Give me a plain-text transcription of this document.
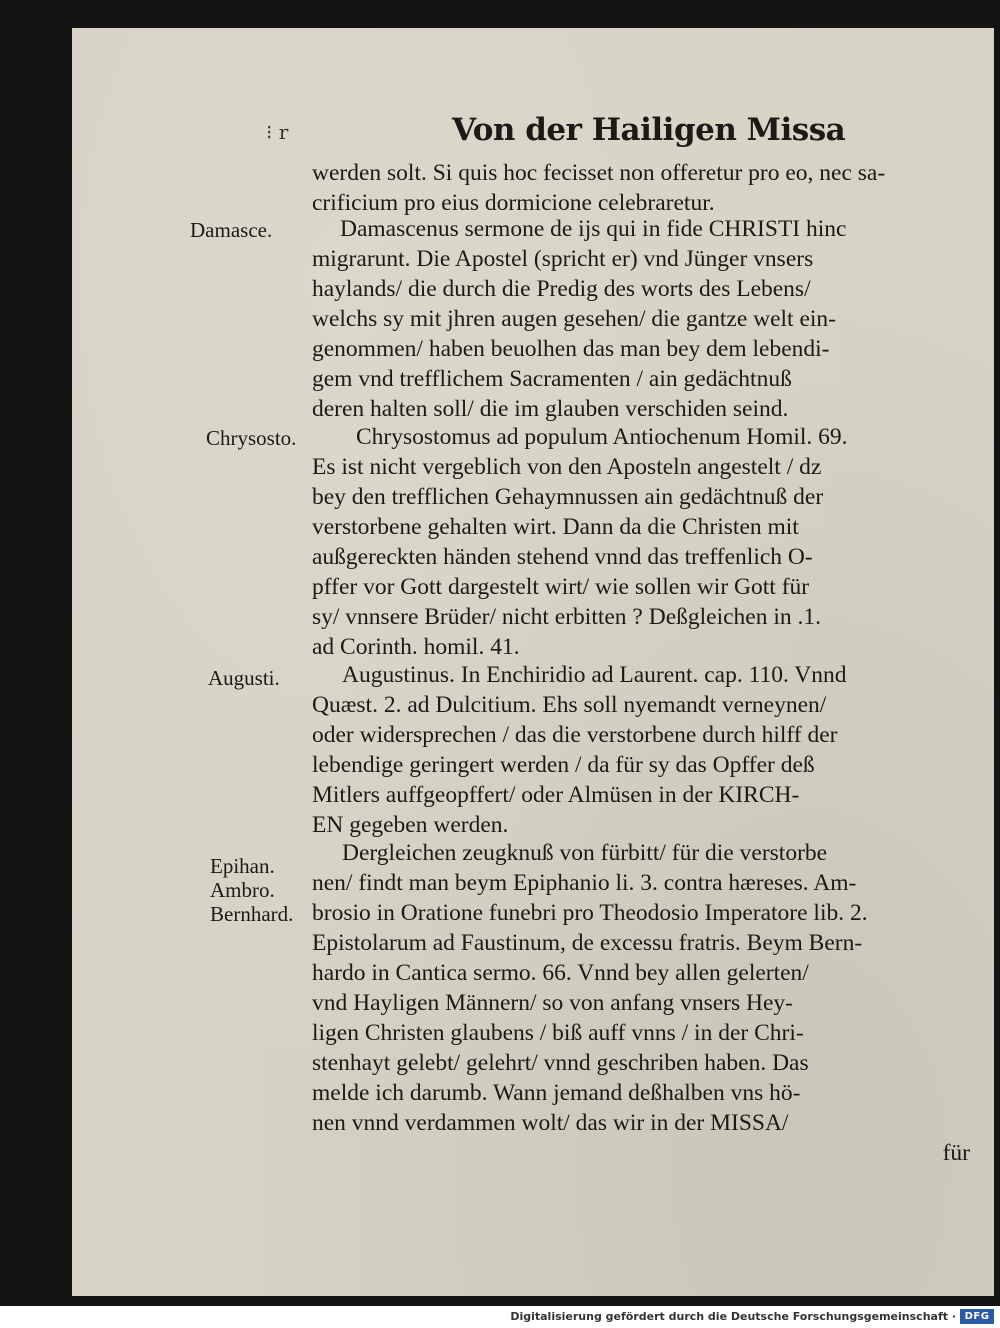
⁝ r	Von der Hailigen Missa
Damasce.
Chrysosto.
Augusti.
Epihan.
Ambro.
Bernhard.
werden solt. Si quis hoc fecisset non offeretur pro eo, nec sa-
crificium pro eius dormicione celebraretur.
Damascenus sermone de ijs qui in fide CHRISTI hinc
migrarunt. Die Apostel (spricht er) vnd Jünger vnsers
haylands/ die durch die Predig des worts des Lebens/
welchs sy mit jhren augen gesehen/ die gantze welt ein-
genommen/ haben beuolhen das man bey dem lebendi-
gem vnd trefflichem Sacramenten / ain gedächtnuß
deren halten soll/ die im glauben verschiden seind.
Chrysostomus ad populum Antiochenum Homil. 69.
Es ist nicht vergeblich von den Aposteln angestelt / dz
bey den trefflichen Gehaymnussen ain gedächtnuß der
verstorbene gehalten wirt. Dann da die Christen mit
außgereckten händen stehend vnnd das treffenlich O-
pffer vor Gott dargestelt wirt/ wie sollen wir Gott für
sy/ vnnsere Brüder/ nicht erbitten ? Deßgleichen in .1.
ad Corinth. homil. 41.
Augustinus. In Enchiridio ad Laurent. cap. 110. Vnnd
Quæst. 2. ad Dulcitium. Ehs soll nyemandt verneynen/
oder widersprechen / das die verstorbene durch hilff der
lebendige geringert werden / da für sy das Opffer deß
Mitlers auffgeopffert/ oder Almüsen in der KIRCH-
EN gegeben werden.
Dergleichen zeugknuß von fürbitt/ für die verstorbe
nen/ findt man beym Epiphanio li. 3. contra hæreses. Am-
brosio in Oratione funebri pro Theodosio Imperatore lib. 2.
Epistolarum ad Faustinum, de excessu fratris. Beym Bern-
hardo in Cantica sermo. 66. Vnnd bey allen gelerten/
vnd Hayligen Männern/ so von anfang vnsers Hey-
ligen Christen glaubens / biß auff vnns / in der Chri-
stenhayt gelebt/ gelehrt/ vnnd geschriben haben. Das
melde ich darumb. Wann jemand deßhalben vns hö-
nen vnnd verdammen wolt/ das wir in der MISSA/
für
Digitalisierung gefördert durch die Deutsche Forschungsgemeinschaft · DFG
